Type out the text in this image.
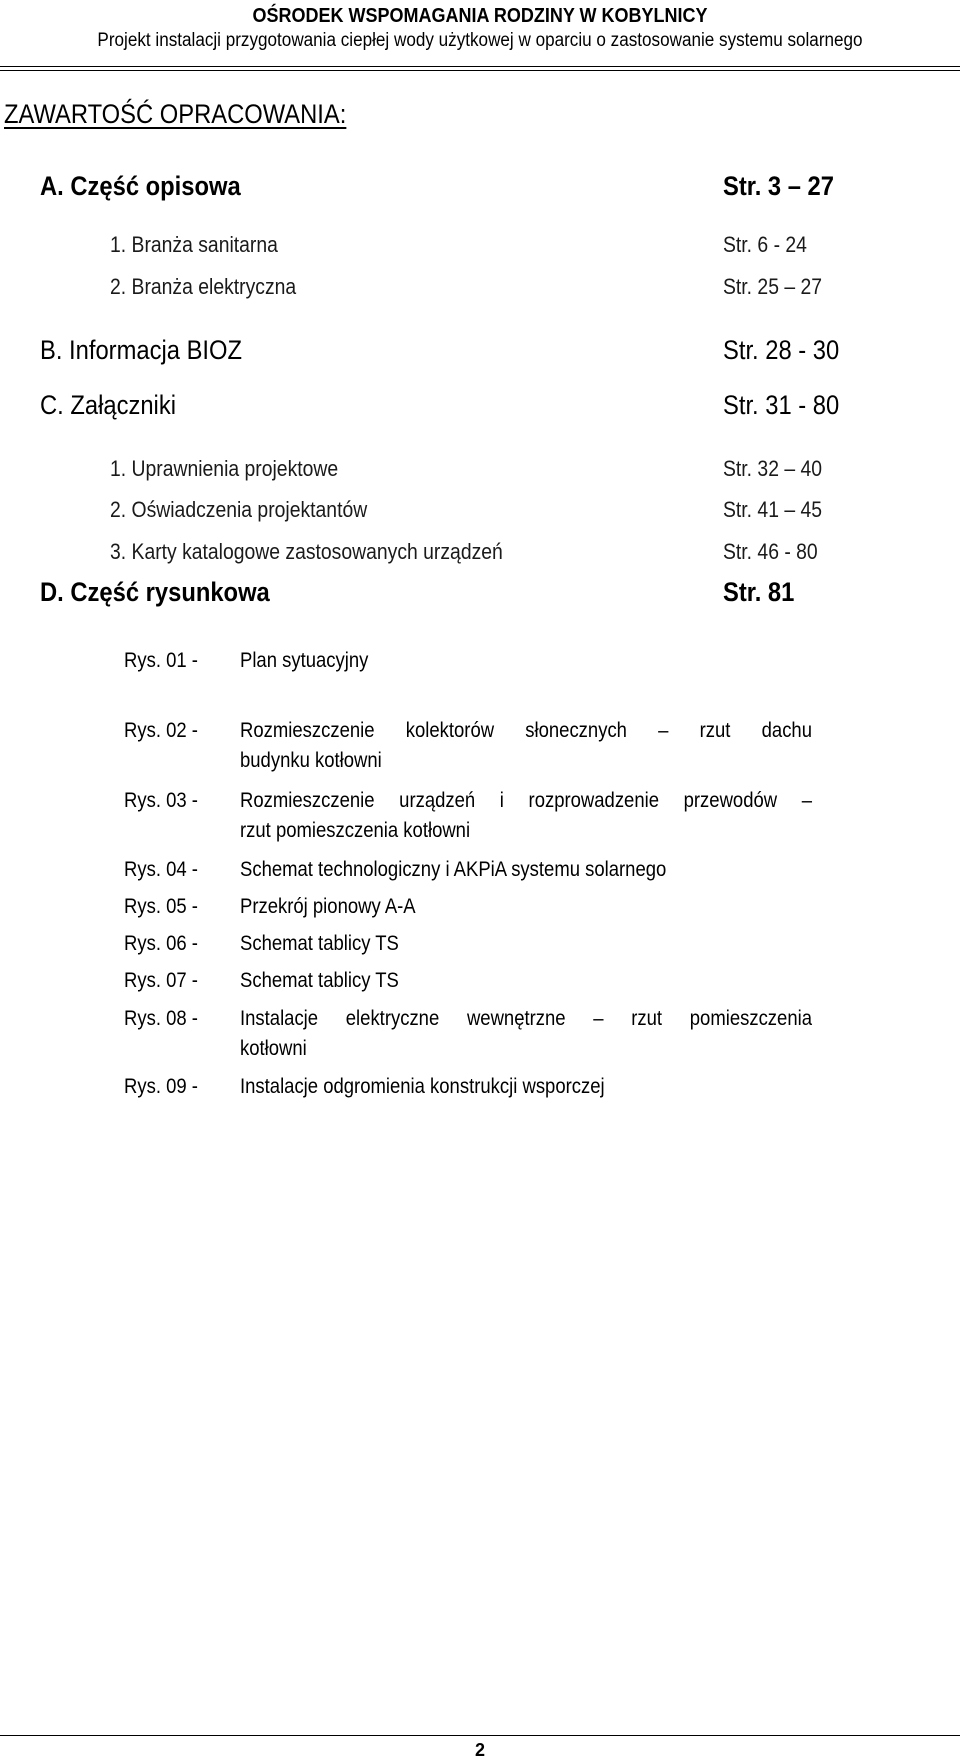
OŚRODEK WSPOMAGANIA RODZINY W KOBYLNICY
Projekt instalacji przygotowania ciepłej wody użytkowej w oparciu o zastosowanie systemu solarnego
ZAWARTOŚĆ OPRACOWANIA:
A. Część opisowa	Str. 3 – 27
1. Branża sanitarna	Str. 6 - 24
2. Branża elektryczna	Str. 25 – 27
B. Informacja BIOZ	Str. 28 - 30
C. Załączniki	Str. 31 - 80
1. Uprawnienia projektowe	Str. 32 – 40
2. Oświadczenia projektantów	Str. 41 – 45
3. Karty katalogowe zastosowanych urządzeń	Str. 46 - 80
D. Część rysunkowa	Str. 81
Rys. 01 - Plan sytuacyjny
Rys. 02 - Rozmieszczenie kolektorów słonecznych – rzut dachu
budynku kotłowni
Rys. 03 - Rozmieszczenie urządzeń i rozprowadzenie przewodów –
rzut pomieszczenia kotłowni
Rys. 04 - Schemat technologiczny i AKPiA systemu solarnego
Rys. 05 - Przekrój pionowy A-A
Rys. 06 - Schemat tablicy TS
Rys. 07 - Schemat tablicy TS
Rys. 08 - Instalacje elektryczne wewnętrzne – rzut pomieszczenia
kotłowni
Rys. 09 - Instalacje odgromienia konstrukcji wsporczej
2
